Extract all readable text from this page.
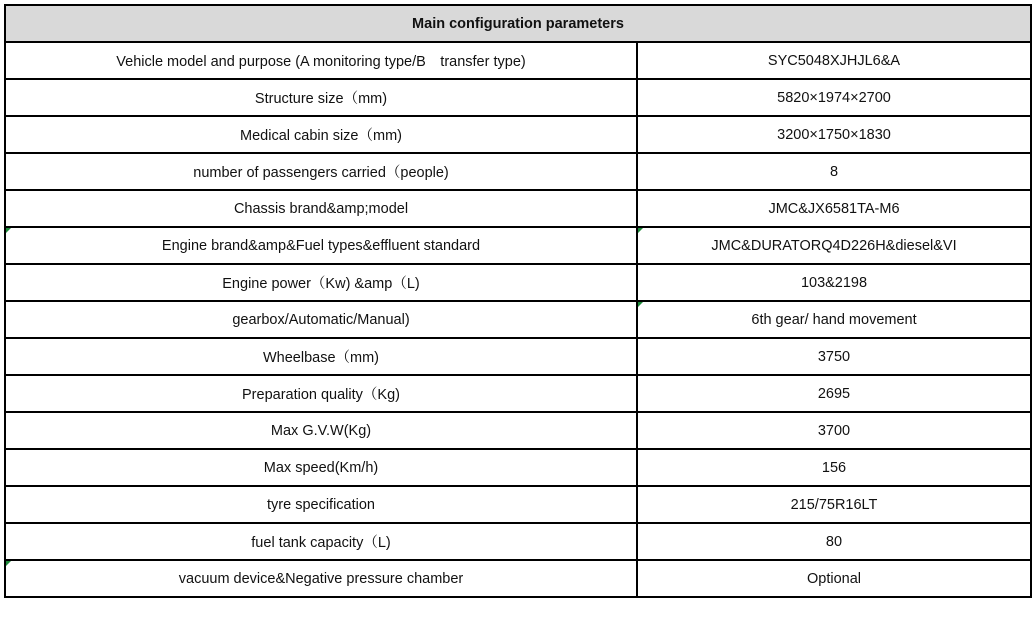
Main configuration parameters	
Vehicle model and purpose (A monitoring type/B　transfer type)	SYC5048XJHJL6&A
Structure size（mm)	5820×1974×2700
Medical cabin size（mm)	3200×1750×1830
number of passengers carried（people)	8
Chassis brand&amp;model	JMC&JX6581TA-M6

Engine brand&amp&Fuel types&effluent standard	JMC&DURATORQ4D226H&diesel&VI
Engine power（Kw) &amp（L)	103&2198
gearbox/Automatic/Manual)	6th gear/ hand movement
Wheelbase（mm)	3750
Preparation quality（Kg)	2695
Max G.V.W(Kg)	3700
Max speed(Km/h)	156
tyre specification	215/75R16LT
fuel tank capacity（L)	80

vacuum device&Negative pressure chamber	Optional
